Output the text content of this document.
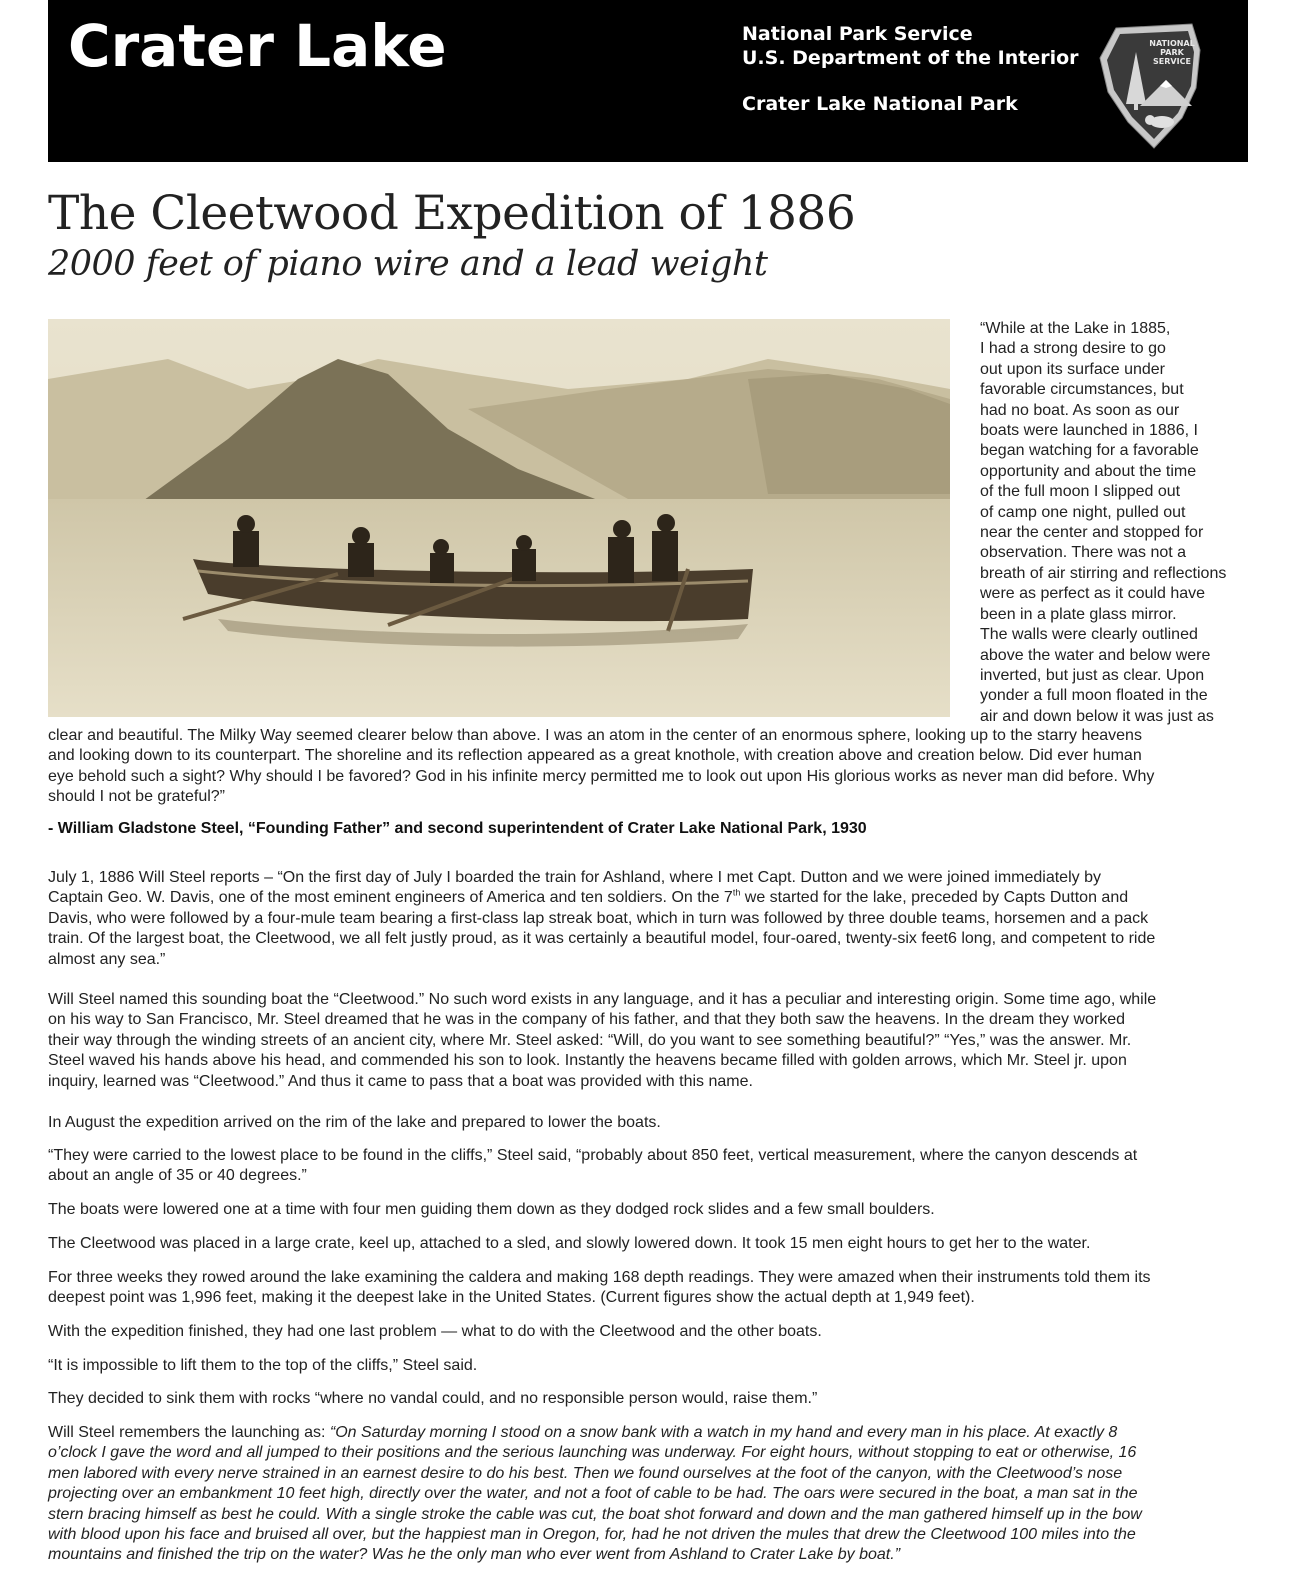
Crater Lake	National Park Service
U.S. Department of the Interior
Crater Lake National Park
NATIONAL
PARK
SERVICE
The Cleetwood Expedition of 1886
2000 feet of piano wire and a lead weight
“While at the Lake in 1885,
I had a strong desire to go
out upon its surface under
favorable circumstances, but
had no boat. As soon as our
boats were launched in 1886, I
began watching for a favorable
opportunity and about the time
of the full moon I slipped out
of camp one night, pulled out
near the center and stopped for
observation. There was not a
breath of air stirring and reflections
were as perfect as it could have
been in a plate glass mirror.
The walls were clearly outlined
above the water and below were
inverted, but just as clear. Upon
yonder a full moon floated in the
air and down below it was just as
clear and beautiful. The Milky Way seemed clearer below than above. I was an atom in the center of an enormous sphere, looking up to the starry heavens
and looking down to its counterpart. The shoreline and its reflection appeared as a great knothole, with creation above and creation below. Did ever human
eye behold such a sight? Why should I be favored? God in his infinite mercy permitted me to look out upon His glorious works as never man did before. Why
should I not be grateful?”
- William Gladstone Steel, “Founding Father” and second superintendent of Crater Lake National Park, 1930
July 1, 1886 Will Steel reports – “On the first day of July I boarded the train for Ashland, where I met Capt. Dutton and we were joined immediately by
Captain Geo. W. Davis, one of the most eminent engineers of America and ten soldiers. On the 7th we started for the lake, preceded by Capts Dutton and
Davis, who were followed by a four-mule team bearing a first-class lap streak boat, which in turn was followed by three double teams, horsemen and a pack
train. Of the largest boat, the Cleetwood, we all felt justly proud, as it was certainly a beautiful model, four-oared, twenty-six feet6 long, and competent to ride
almost any sea.”
Will Steel named this sounding boat the “Cleetwood.” No such word exists in any language, and it has a peculiar and interesting origin. Some time ago, while
on his way to San Francisco, Mr. Steel dreamed that he was in the company of his father, and that they both saw the heavens. In the dream they worked
their way through the winding streets of an ancient city, where Mr. Steel asked: “Will, do you want to see something beautiful?” “Yes,” was the answer. Mr.
Steel waved his hands above his head, and commended his son to look. Instantly the heavens became filled with golden arrows, which Mr. Steel jr. upon
inquiry, learned was “Cleetwood.” And thus it came to pass that a boat was provided with this name.
In August the expedition arrived on the rim of the lake and prepared to lower the boats.
“They were carried to the lowest place to be found in the cliffs,” Steel said, “probably about 850 feet, vertical measurement, where the canyon descends at
about an angle of 35 or 40 degrees.”
The boats were lowered one at a time with four men guiding them down as they dodged rock slides and a few small boulders.
The Cleetwood was placed in a large crate, keel up, attached to a sled, and slowly lowered down. It took 15 men eight hours to get her to the water.
For three weeks they rowed around the lake examining the caldera and making 168 depth readings. They were amazed when their instruments told them its
deepest point was 1,996 feet, making it the deepest lake in the United States. (Current figures show the actual depth at 1,949 feet).
With the expedition finished, they had one last problem — what to do with the Cleetwood and the other boats.
“It is impossible to lift them to the top of the cliffs,” Steel said.
They decided to sink them with rocks “where no vandal could, and no responsible person would, raise them.”
Will Steel remembers the launching as: “On Saturday morning I stood on a snow bank with a watch in my hand and every man in his place. At exactly 8
o’clock I gave the word and all jumped to their positions and the serious launching was underway. For eight hours, without stopping to eat or otherwise, 16
men labored with every nerve strained in an earnest desire to do his best. Then we found ourselves at the foot of the canyon, with the Cleetwood’s nose
projecting over an embankment 10 feet high, directly over the water, and not a foot of cable to be had. The oars were secured in the boat, a man sat in the
stern bracing himself as best he could. With a single stroke the cable was cut, the boat shot forward and down and the man gathered himself up in the bow
with blood upon his face and bruised all over, but the happiest man in Oregon, for, had he not driven the mules that drew the Cleetwood 100 miles into the
mountains and finished the trip on the water? Was he the only man who ever went from Ashland to Crater Lake by boat.”
